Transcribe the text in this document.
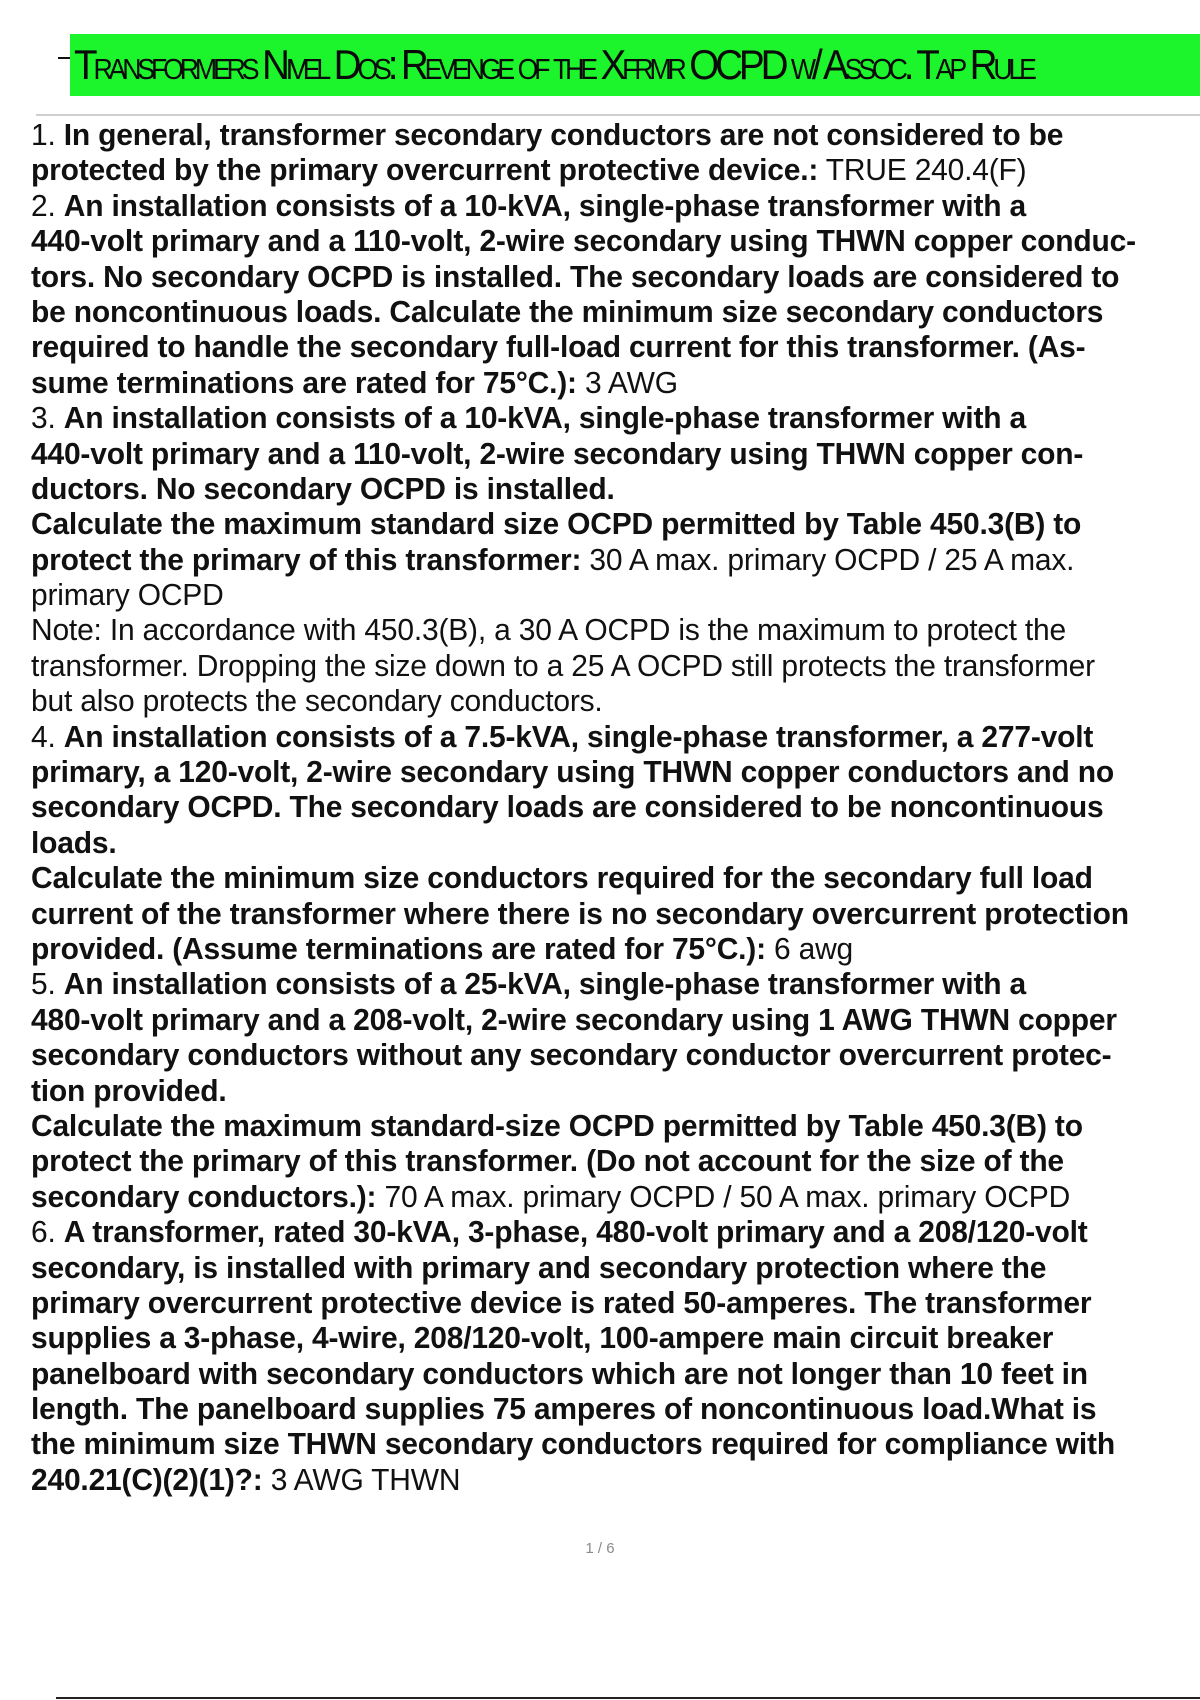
Transformers Nivel Dos: Revenge of the Xfrmr OCPD w/ Assoc. Tap Rule
1. In general, transformer secondary conductors are not considered to be
protected by the primary overcurrent protective device.: TRUE 240.4(F)
2. An installation consists of a 10-kVA, single-phase transformer with a
440-volt primary and a 110-volt, 2-wire secondary using THWN copper conduc-
tors. No secondary OCPD is installed. The secondary loads are considered to
be noncontinuous loads. Calculate the minimum size secondary conductors
required to handle the secondary full-load current for this transformer. (As-
sume terminations are rated for 75°C.): 3 AWG
3. An installation consists of a 10-kVA, single-phase transformer with a
440-volt primary and a 110-volt, 2-wire secondary using THWN copper con-
ductors. No secondary OCPD is installed.
Calculate the maximum standard size OCPD permitted by Table 450.3(B) to
protect the primary of this transformer: 30 A max. primary OCPD / 25 A max.
primary OCPD
Note: In accordance with 450.3(B), a 30 A OCPD is the maximum to protect the
transformer. Dropping the size down to a 25 A OCPD still protects the transformer
but also protects the secondary conductors.
4. An installation consists of a 7.5-kVA, single-phase transformer, a 277-volt
primary, a 120-volt, 2-wire secondary using THWN copper conductors and no
secondary OCPD. The secondary loads are considered to be noncontinuous
loads.
Calculate the minimum size conductors required for the secondary full load
current of the transformer where there is no secondary overcurrent protection
provided. (Assume terminations are rated for 75°C.): 6 awg
5. An installation consists of a 25-kVA, single-phase transformer with a
480-volt primary and a 208-volt, 2-wire secondary using 1 AWG THWN copper
secondary conductors without any secondary conductor overcurrent protec-
tion provided.
Calculate the maximum standard-size OCPD permitted by Table 450.3(B) to
protect the primary of this transformer. (Do not account for the size of the
secondary conductors.): 70 A max. primary OCPD / 50 A max. primary OCPD
6. A transformer, rated 30-kVA, 3-phase, 480-volt primary and a 208/120-volt
secondary, is installed with primary and secondary protection where the
primary overcurrent protective device is rated 50-amperes. The transformer
supplies a 3-phase, 4-wire, 208/120-volt, 100-ampere main circuit breaker
panelboard with secondary conductors which are not longer than 10 feet in
length. The panelboard supplies 75 amperes of noncontinuous load.What is
the minimum size THWN secondary conductors required for compliance with
240.21(C)(2)(1)?: 3 AWG THWN
1 / 6
